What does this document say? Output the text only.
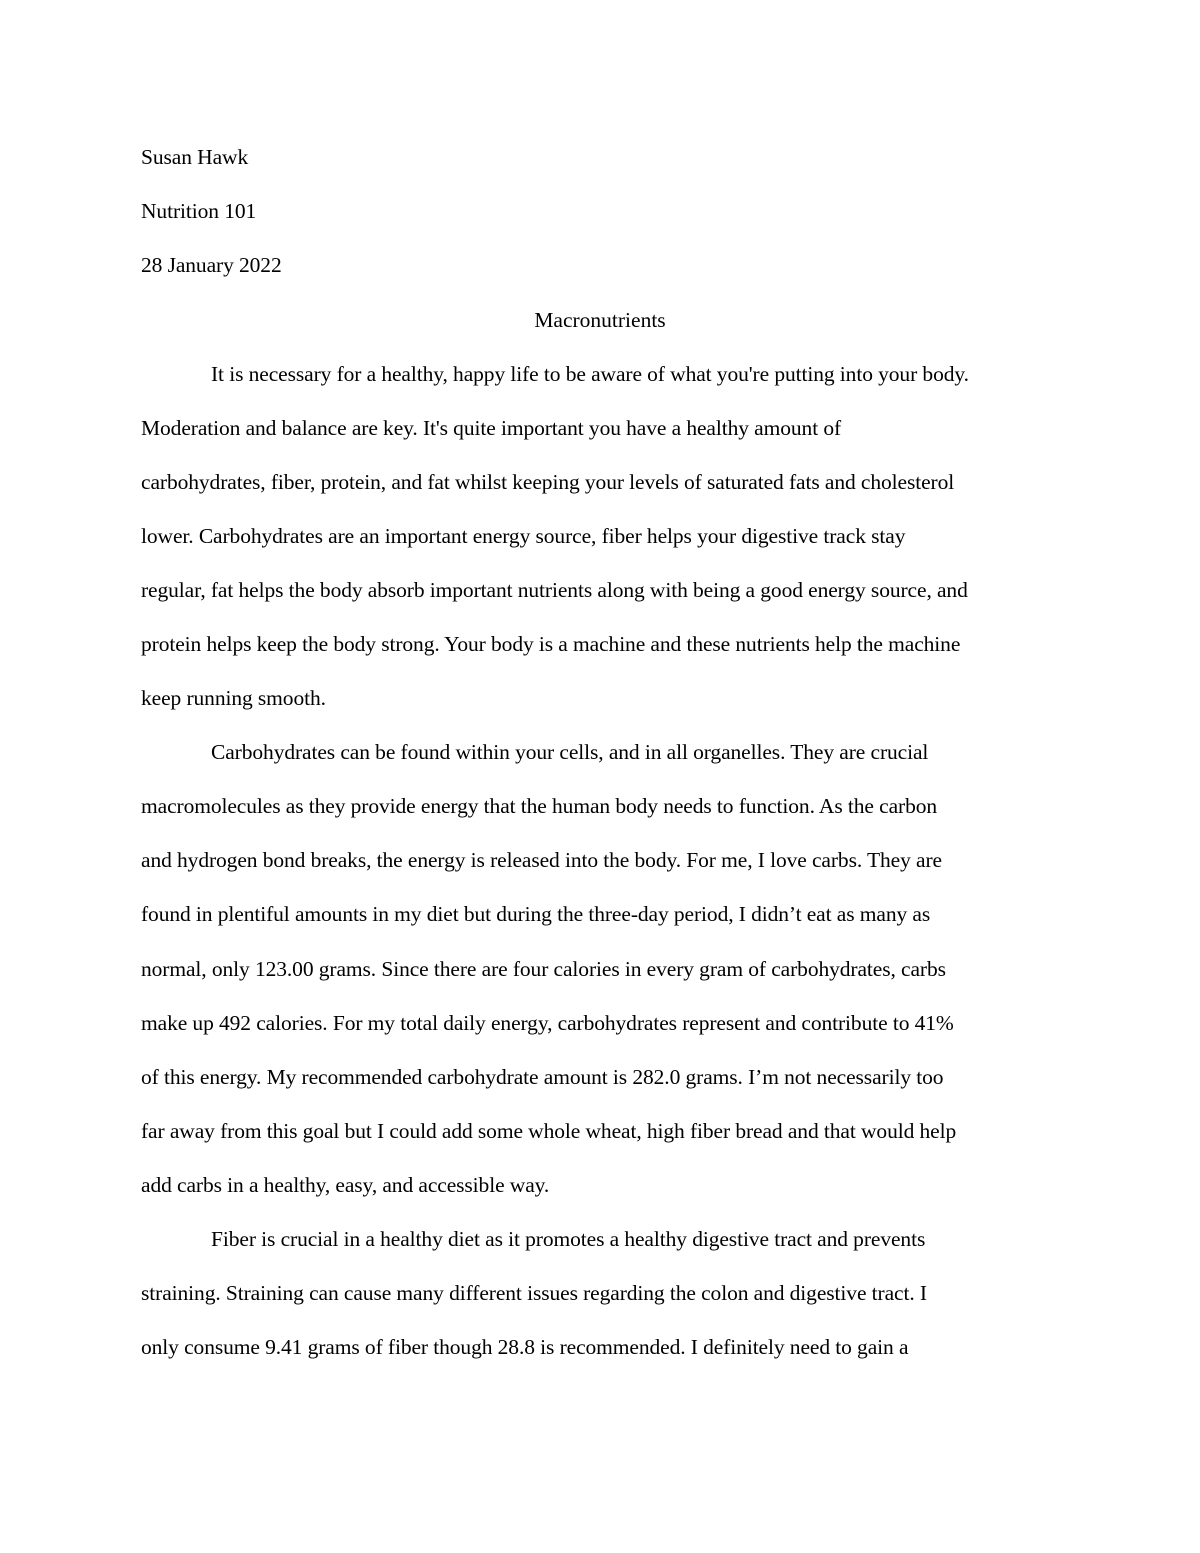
Susan Hawk
Nutrition 101
28 January 2022
Macronutrients
It is necessary for a healthy, happy life to be aware of what you're putting into your body.
Moderation and balance are key. It's quite important you have a healthy amount of
carbohydrates, fiber, protein, and fat whilst keeping your levels of saturated fats and cholesterol
lower. Carbohydrates are an important energy source, fiber helps your digestive track stay
regular, fat helps the body absorb important nutrients along with being a good energy source, and
protein helps keep the body strong. Your body is a machine and these nutrients help the machine
keep running smooth.
Carbohydrates can be found within your cells, and in all organelles. They are crucial
macromolecules as they provide energy that the human body needs to function. As the carbon
and hydrogen bond breaks, the energy is released into the body. For me, I love carbs. They are
found in plentiful amounts in my diet but during the three-day period, I didn’t eat as many as
normal, only 123.00 grams. Since there are four calories in every gram of carbohydrates, carbs
make up 492 calories. For my total daily energy, carbohydrates represent and contribute to 41%
of this energy. My recommended carbohydrate amount is 282.0 grams. I’m not necessarily too
far away from this goal but I could add some whole wheat, high fiber bread and that would help
add carbs in a healthy, easy, and accessible way.
Fiber is crucial in a healthy diet as it promotes a healthy digestive tract and prevents
straining. Straining can cause many different issues regarding the colon and digestive tract. I
only consume 9.41 grams of fiber though 28.8 is recommended. I definitely need to gain a
